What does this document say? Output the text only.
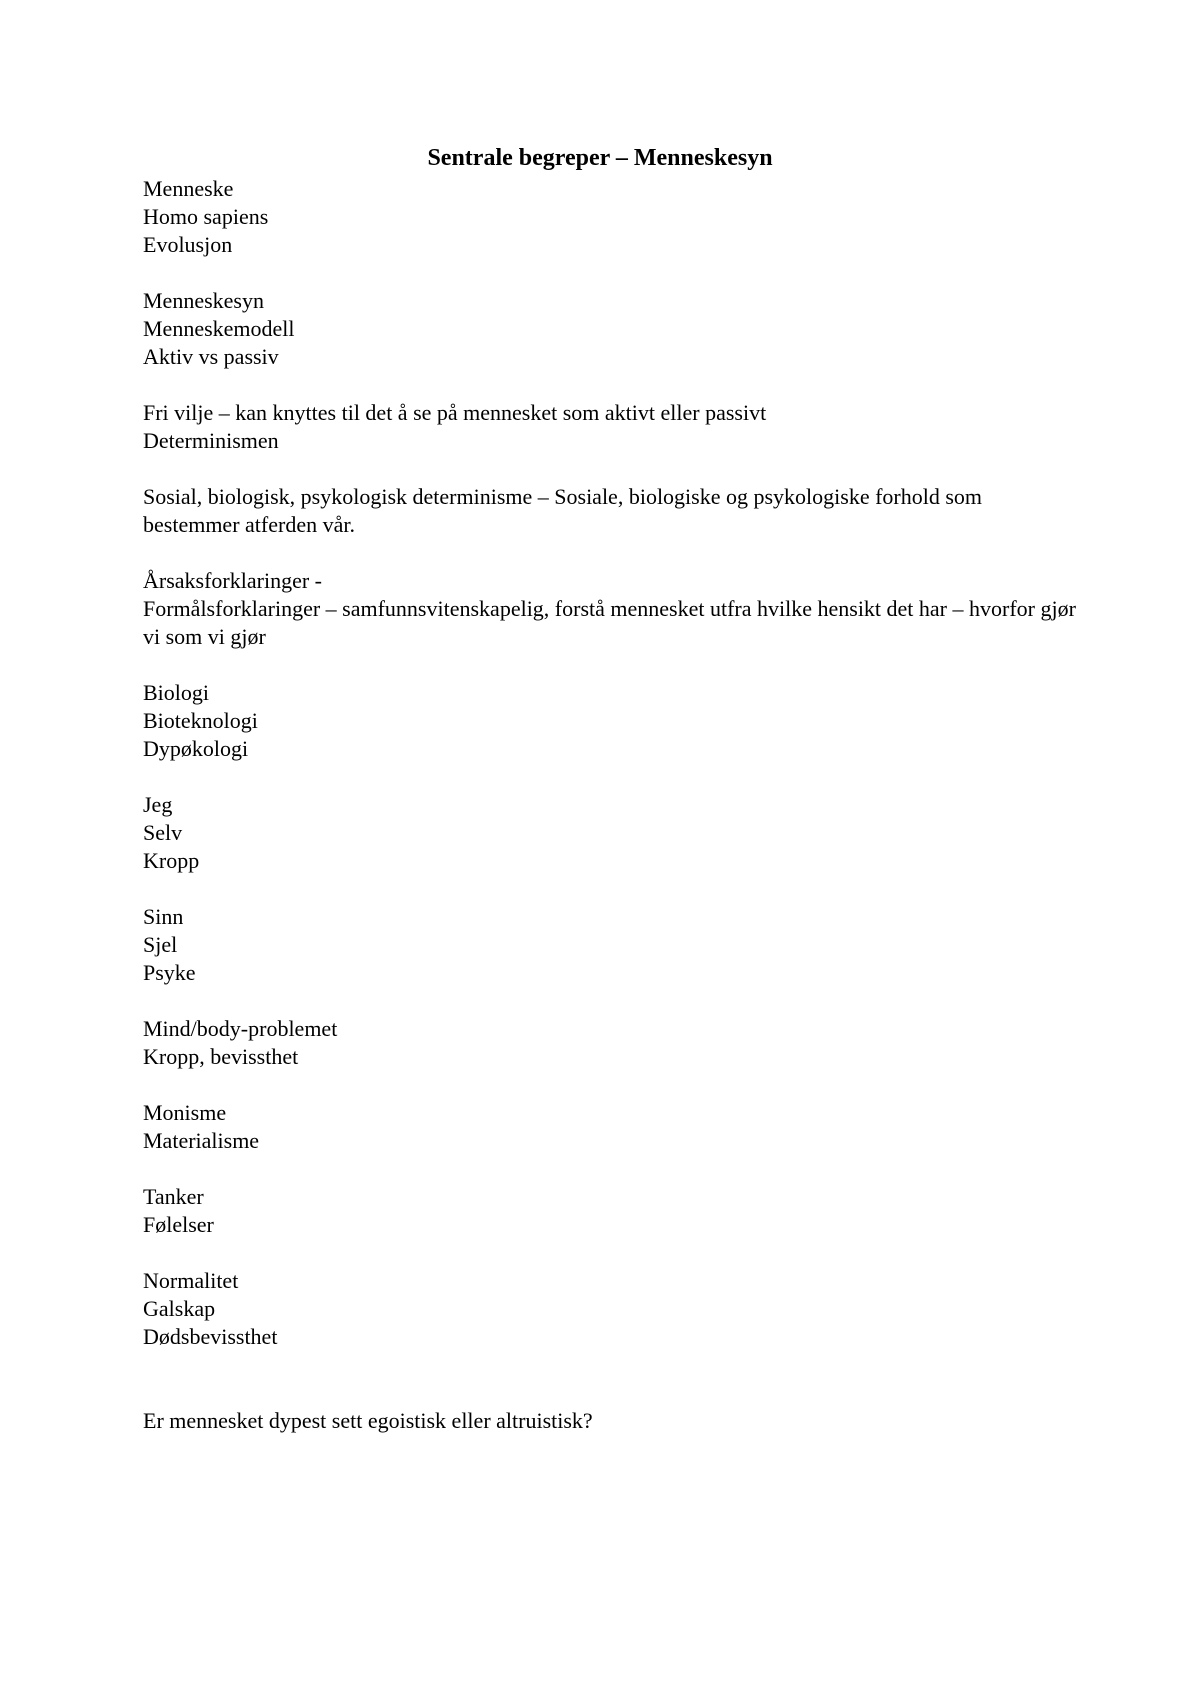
Sentrale begreper – Menneskesyn
Menneske
Homo sapiens
Evolusjon
Menneskesyn
Menneskemodell
Aktiv vs passiv
Fri vilje – kan knyttes til det å se på mennesket som aktivt eller passivt
Determinismen
Sosial, biologisk, psykologisk determinisme – Sosiale, biologiske og psykologiske forhold som bestemmer atferden vår.
Årsaksforklaringer -
Formålsforklaringer – samfunnsvitenskapelig, forstå mennesket utfra hvilke hensikt det har – hvorfor gjør vi som vi gjør
Biologi
Bioteknologi
Dypøkologi
Jeg
Selv
Kropp
Sinn
Sjel
Psyke
Mind/body-problemet
Kropp, bevissthet
Monisme
Materialisme
Tanker
Følelser
Normalitet
Galskap
Dødsbevissthet
Er mennesket dypest sett egoistisk eller altruistisk?
